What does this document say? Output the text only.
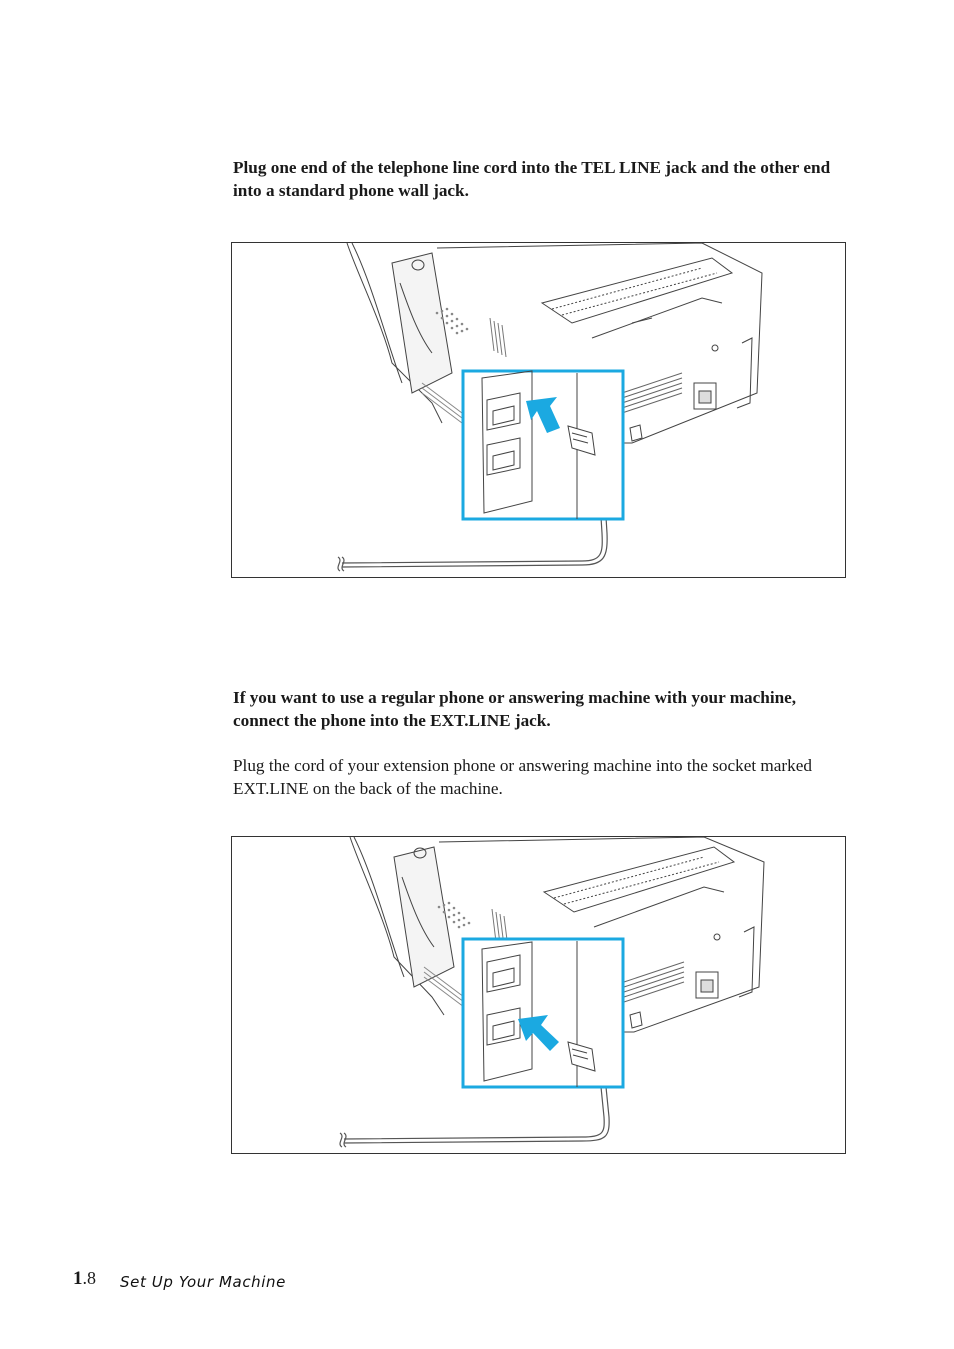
Plug one end of the telephone line cord into the TEL LINE jack and the other end into a standard phone wall jack.

If you want to use a regular phone or answering machine with your machine, connect the phone into the EXT.LINE jack.

Plug the cord of your extension phone or answering machine into the socket marked EXT.LINE on the back of the machine.

1.8 Set Up Your Machine
